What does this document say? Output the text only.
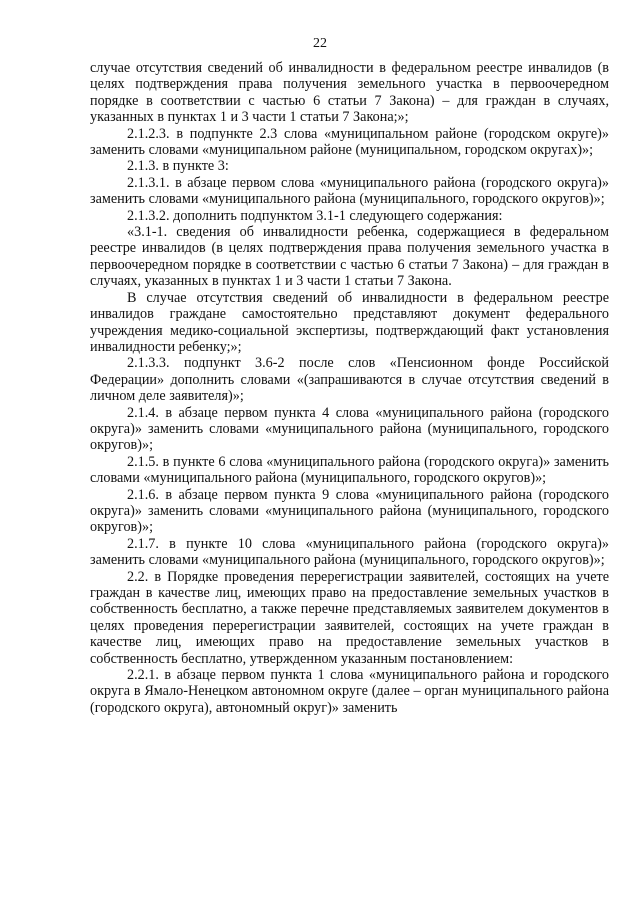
22

случае отсутствия сведений об инвалидности в федеральном реестре инвалидов (в целях подтверждения права получения земельного участка в первоочередном порядке в соответствии с частью 6 статьи 7 Закона) – для граждан в случаях, указанных в пунктах 1 и 3 части 1 статьи 7 Закона;»;

2.1.2.3. в подпункте 2.3 слова «муниципальном районе (городском округе)» заменить словами «муниципальном районе (муниципальном, городском округах)»;

2.1.3. в пункте 3:

2.1.3.1. в абзаце первом слова «муниципального района (городского округа)» заменить словами «муниципального района (муниципального, городского округов)»;

2.1.3.2. дополнить подпунктом 3.1-1 следующего содержания:

«3.1-1. сведения об инвалидности ребенка, содержащиеся в федеральном реестре инвалидов (в целях подтверждения права получения земельного участка в первоочередном порядке в соответствии с частью 6 статьи 7 Закона) – для граждан в случаях, указанных в пунктах 1 и 3 части 1 статьи 7 Закона.

В случае отсутствия сведений об инвалидности в федеральном реестре инвалидов граждане самостоятельно представляют документ федерального учреждения медико-социальной экспертизы, подтверждающий факт установления инвалидности ребенку;»;

2.1.3.3. подпункт 3.6-2 после слов «Пенсионном фонде Российской Федерации» дополнить словами «(запрашиваются в случае отсутствия сведений в личном деле заявителя)»;

2.1.4. в абзаце первом пункта 4 слова «муниципального района (городского округа)» заменить словами «муниципального района (муниципального, городского округов)»;

2.1.5. в пункте 6 слова «муниципального района (городского округа)» заменить словами «муниципального района (муниципального, городского округов)»;

2.1.6. в абзаце первом пункта 9 слова «муниципального района (городского округа)» заменить словами «муниципального района (муниципального, городского округов)»;

2.1.7. в пункте 10 слова «муниципального района (городского округа)» заменить словами «муниципального района (муниципального, городского округов)»;

2.2. в Порядке проведения перерегистрации заявителей, состоящих на учете граждан в качестве лиц, имеющих право на предоставление земельных участков в собственность бесплатно, а также перечне представляемых заявителем документов в целях проведения перерегистрации заявителей, состоящих на учете граждан в качестве лиц, имеющих право на предоставление земельных участков в собственность бесплатно, утвержденном указанным постановлением:

2.2.1. в абзаце первом пункта 1 слова «муниципального района и городского округа в Ямало-Ненецком автономном округе (далее – орган муниципального района (городского округа), автономный округ)» заменить
